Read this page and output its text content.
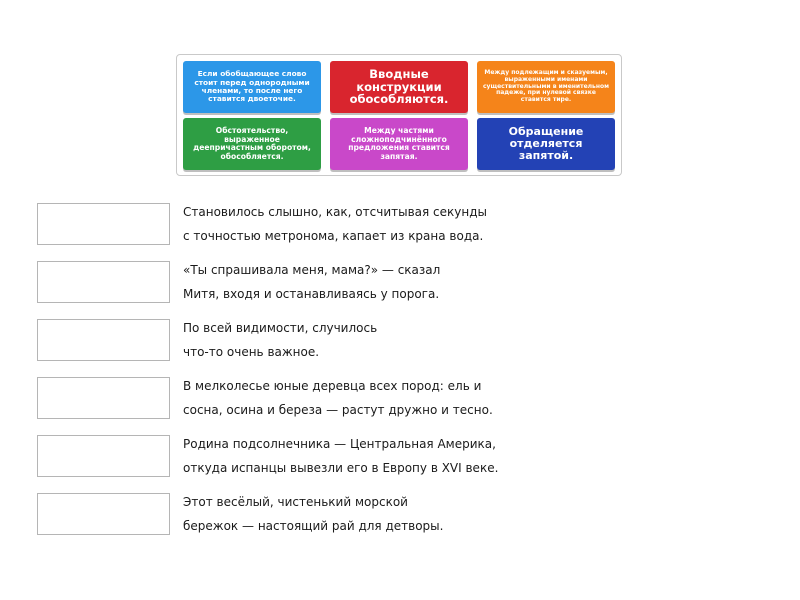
Если обобщающее слово стоит перед однородными членами, то после него ставится двоеточие.
Вводные конструкции обособляются.
Между подлежащим и сказуемым, выраженными именами существительными в именительном падеже, при нулевой связке ставится тире.
Обстоятельство, выраженное деепричастным оборотом, обособляется.
Между частями сложноподчинённого предложения ставится запятая.
Обращение отделяется запятой.
Становилось слышно, как, отсчитывая секунды
с точностью метронома, капает из крана вода.
«Ты спрашивала меня, мама?» — сказал
Митя, входя и останавливаясь у порога.
По всей видимости, случилось
что-то очень важное.
В мелколесье юные деревца всех пород: ель и
сосна, осина и береза — растут дружно и тесно.
Родина подсолнечника — Центральная Америка,
откуда испанцы вывезли его в Европу в XVI веке.
Этот весёлый, чистенький морской
бережок — настоящий рай для детворы.
